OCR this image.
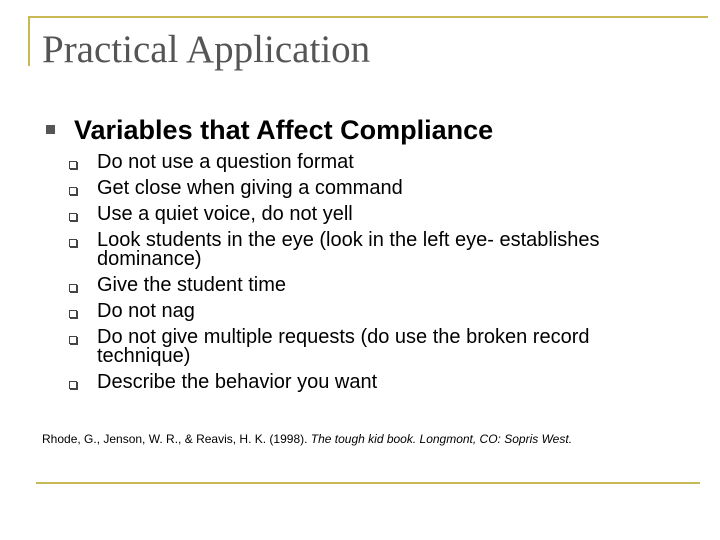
Practical Application
Variables that Affect Compliance
Do not use a question format
Get close when giving a command
Use a quiet voice, do not yell
Look students in the eye (look in the left eye- establishes dominance)
Give the student time
Do not nag
Do not give multiple requests (do use the broken record technique)
Describe the behavior you want

Rhode, G., Jenson, W. R., & Reavis, H. K. (1998). The tough kid book. Longmont, CO: Sopris West.
